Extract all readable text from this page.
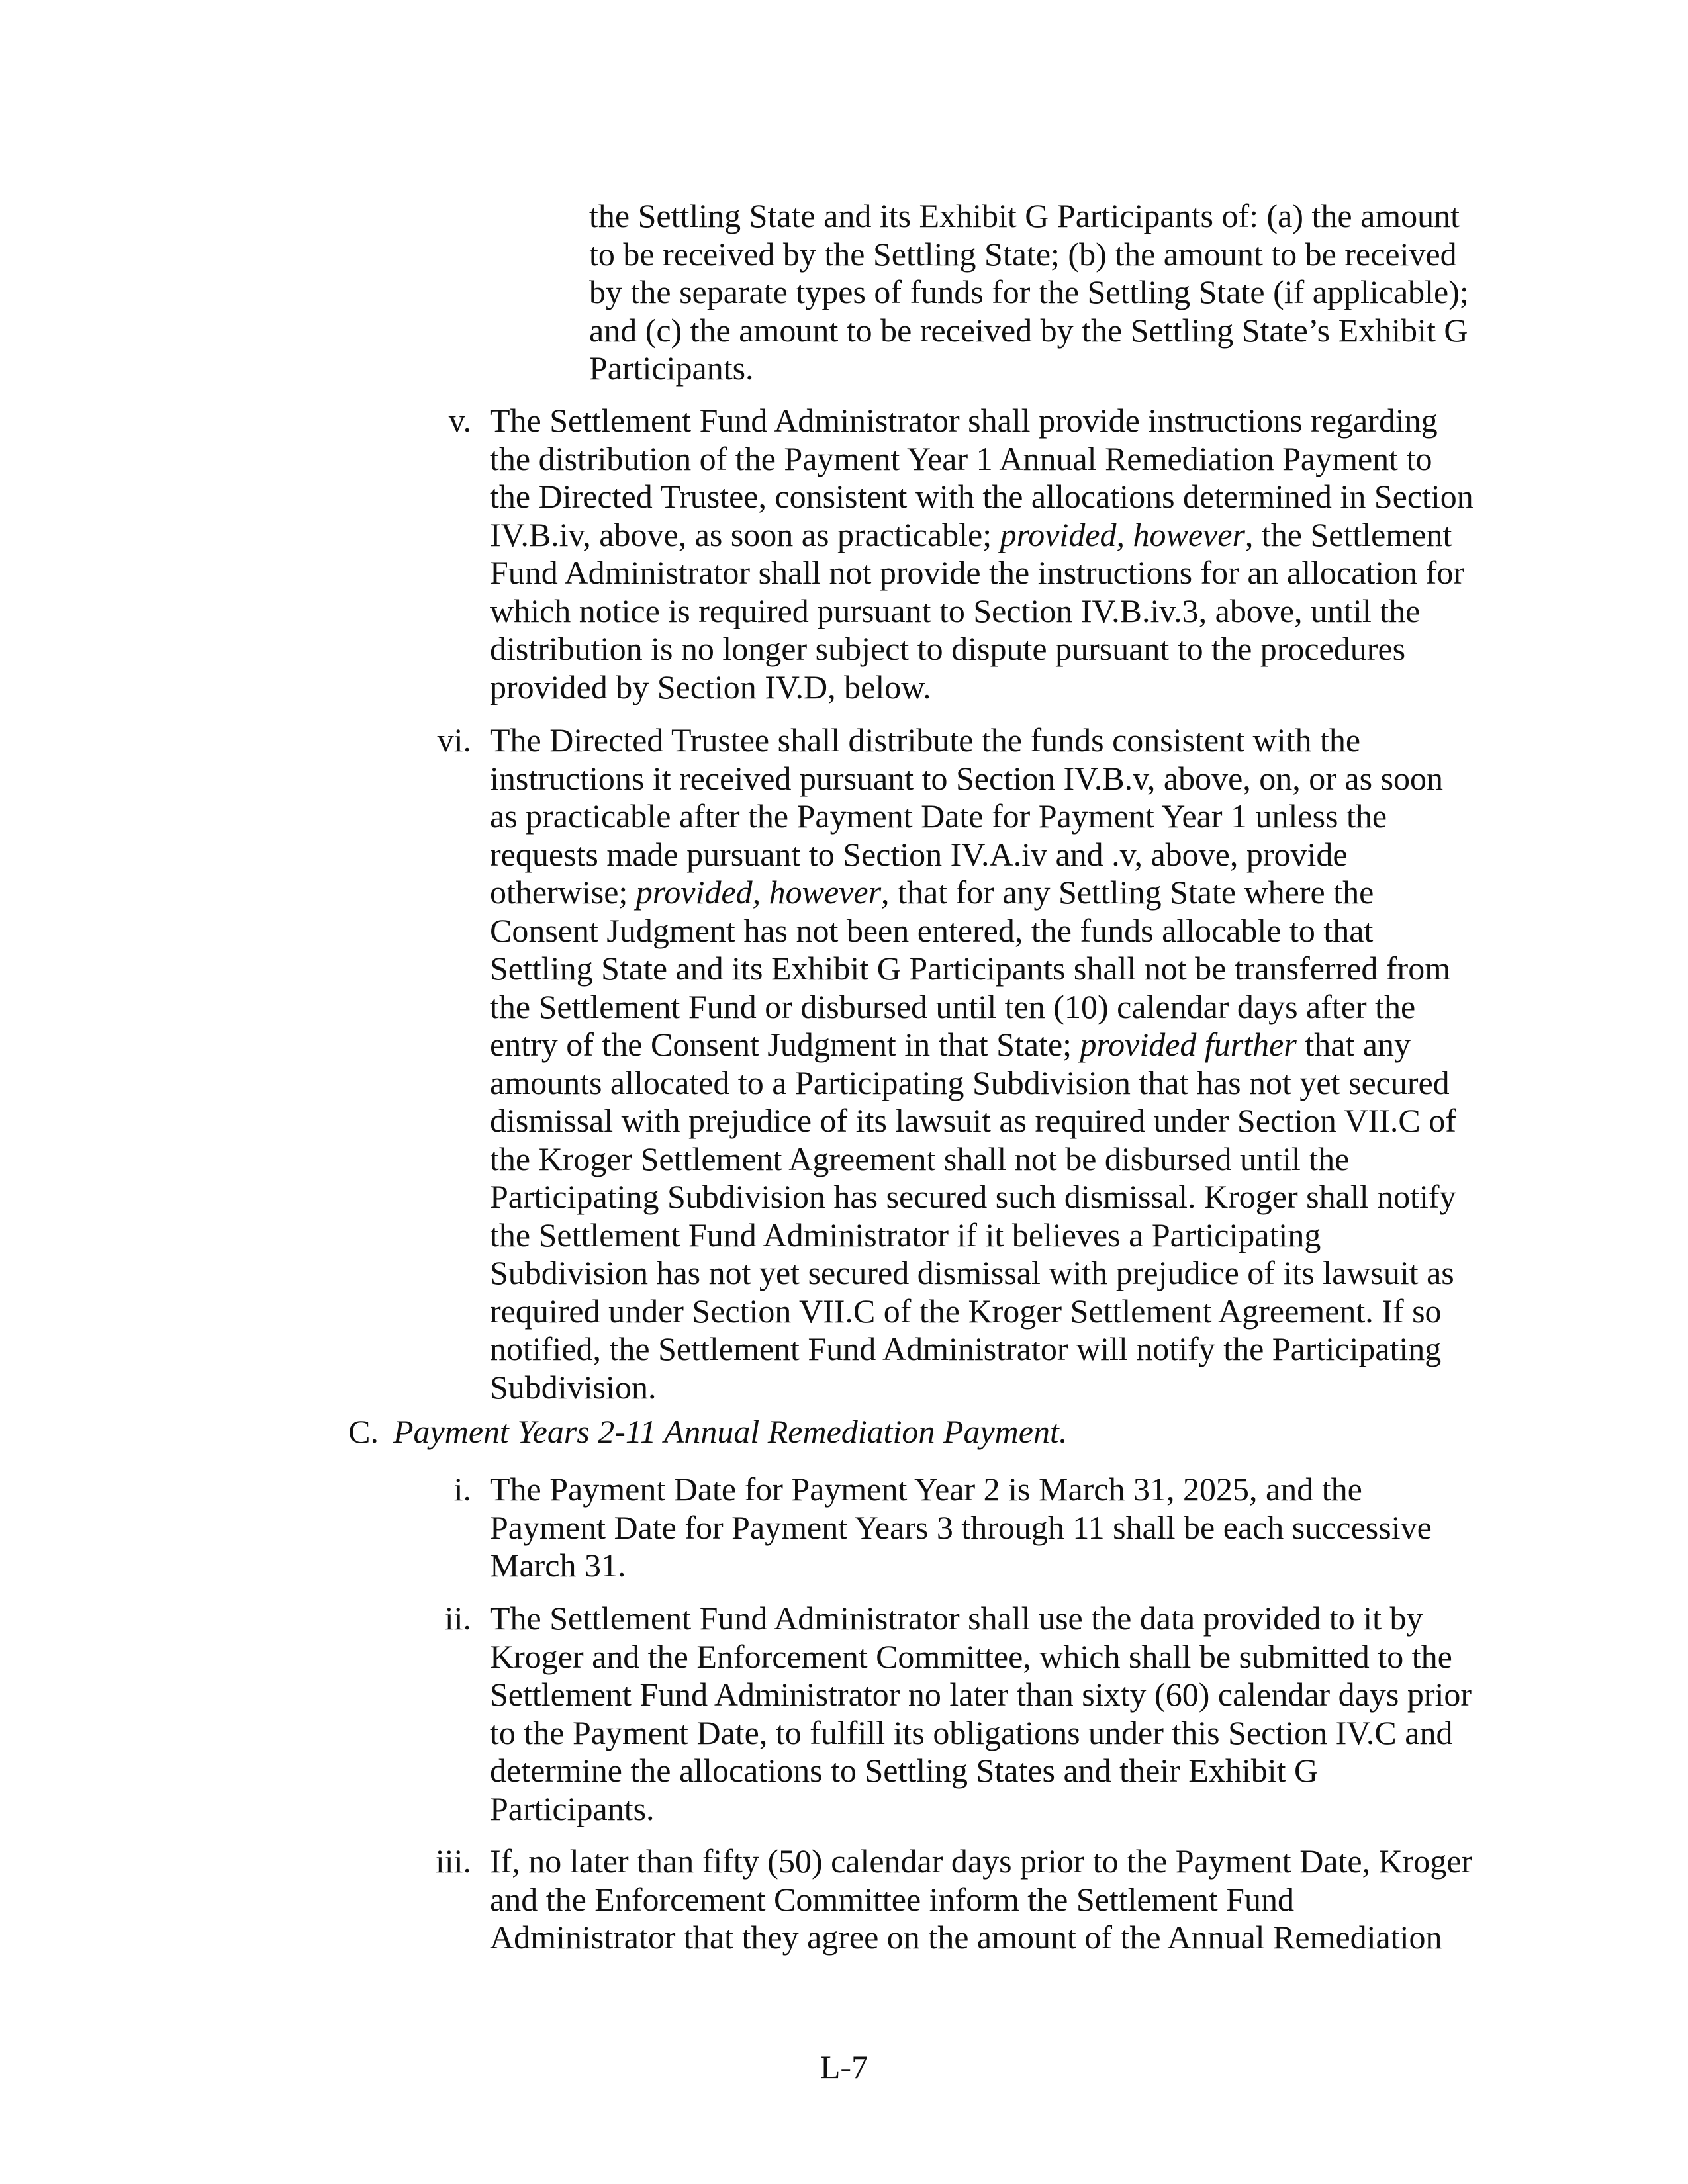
the Settling State and its Exhibit G Participants of: (a) the amount
to be received by the Settling State; (b) the amount to be received
by the separate types of funds for the Settling State (if applicable);
and (c) the amount to be received by the Settling State’s Exhibit G
Participants.

v. The Settlement Fund Administrator shall provide instructions regarding
the distribution of the Payment Year 1 Annual Remediation Payment to
the Directed Trustee, consistent with the allocations determined in Section
IV.B.iv, above, as soon as practicable; provided, however, the Settlement
Fund Administrator shall not provide the instructions for an allocation for
which notice is required pursuant to Section IV.B.iv.3, above, until the
distribution is no longer subject to dispute pursuant to the procedures
provided by Section IV.D, below.

vi. The Directed Trustee shall distribute the funds consistent with the
instructions it received pursuant to Section IV.B.v, above, on, or as soon
as practicable after the Payment Date for Payment Year 1 unless the
requests made pursuant to Section IV.A.iv and .v, above, provide
otherwise; provided, however, that for any Settling State where the
Consent Judgment has not been entered, the funds allocable to that
Settling State and its Exhibit G Participants shall not be transferred from
the Settlement Fund or disbursed until ten (10) calendar days after the
entry of the Consent Judgment in that State; provided further that any
amounts allocated to a Participating Subdivision that has not yet secured
dismissal with prejudice of its lawsuit as required under Section VII.C of
the Kroger Settlement Agreement shall not be disbursed until the
Participating Subdivision has secured such dismissal. Kroger shall notify
the Settlement Fund Administrator if it believes a Participating
Subdivision has not yet secured dismissal with prejudice of its lawsuit as
required under Section VII.C of the Kroger Settlement Agreement. If so
notified, the Settlement Fund Administrator will notify the Participating
Subdivision.

C. Payment Years 2-11 Annual Remediation Payment.

i. The Payment Date for Payment Year 2 is March 31, 2025, and the
Payment Date for Payment Years 3 through 11 shall be each successive
March 31.

ii. The Settlement Fund Administrator shall use the data provided to it by
Kroger and the Enforcement Committee, which shall be submitted to the
Settlement Fund Administrator no later than sixty (60) calendar days prior
to the Payment Date, to fulfill its obligations under this Section IV.C and
determine the allocations to Settling States and their Exhibit G
Participants.

iii. If, no later than fifty (50) calendar days prior to the Payment Date, Kroger
and the Enforcement Committee inform the Settlement Fund
Administrator that they agree on the amount of the Annual Remediation

L-7
